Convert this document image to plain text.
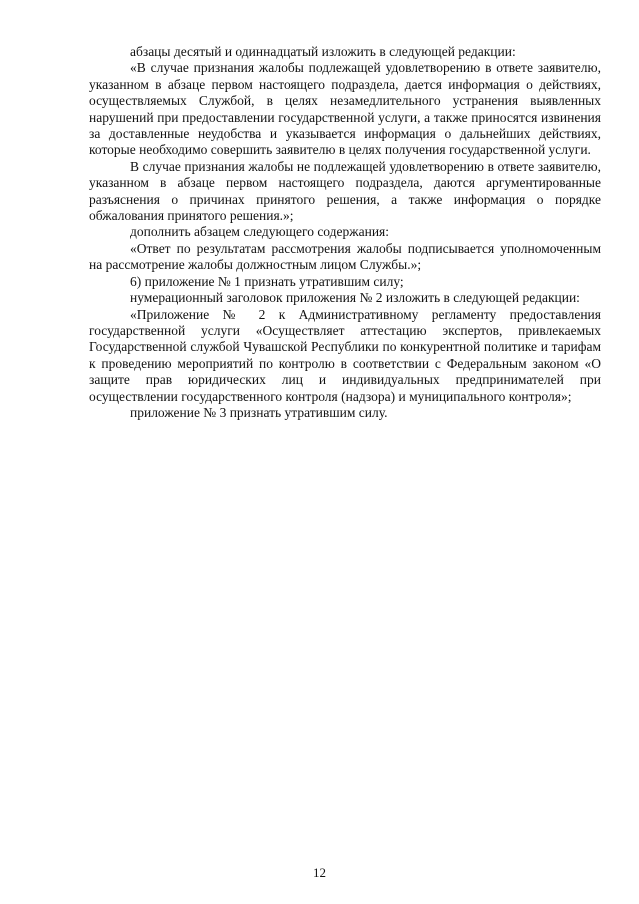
абзацы десятый и одиннадцатый изложить в следующей редакции:

«В случае признания жалобы подлежащей удовлетворению в ответе заявителю, указанном в абзаце первом настоящего подраздела, дается информация о действиях, осуществляемых Службой, в целях незамедлительного устранения выявленных нарушений при предоставлении государственной услуги, а также приносятся извинения за доставленные неудобства и указывается информация о дальнейших действиях, которые необходимо совершить заявителю в целях получения государственной услуги.

В случае признания жалобы не подлежащей удовлетворению в ответе заявителю, указанном в абзаце первом настоящего подраздела, даются аргументированные разъяснения о причинах принятого решения, а также информация о порядке обжалования принятого решения.»;

дополнить абзацем следующего содержания:

«Ответ по результатам рассмотрения жалобы подписывается уполномоченным на рассмотрение жалобы должностным лицом Службы.»;

6) приложение № 1 признать утратившим силу;

нумерационный заголовок приложения № 2 изложить в следующей редакции:

«Приложение № 2 к Административному регламенту предоставления государственной услуги «Осуществляет аттестацию экспертов, привлекаемых Государственной службой Чувашской Республики по конкурентной политике и тарифам к проведению мероприятий по контролю в соответствии с Федеральным законом «О защите прав юридических лиц и индивидуальных предпринимателей при осуществлении государственного контроля (надзора) и муниципального контроля»;

приложение № 3 признать утратившим силу.

12
